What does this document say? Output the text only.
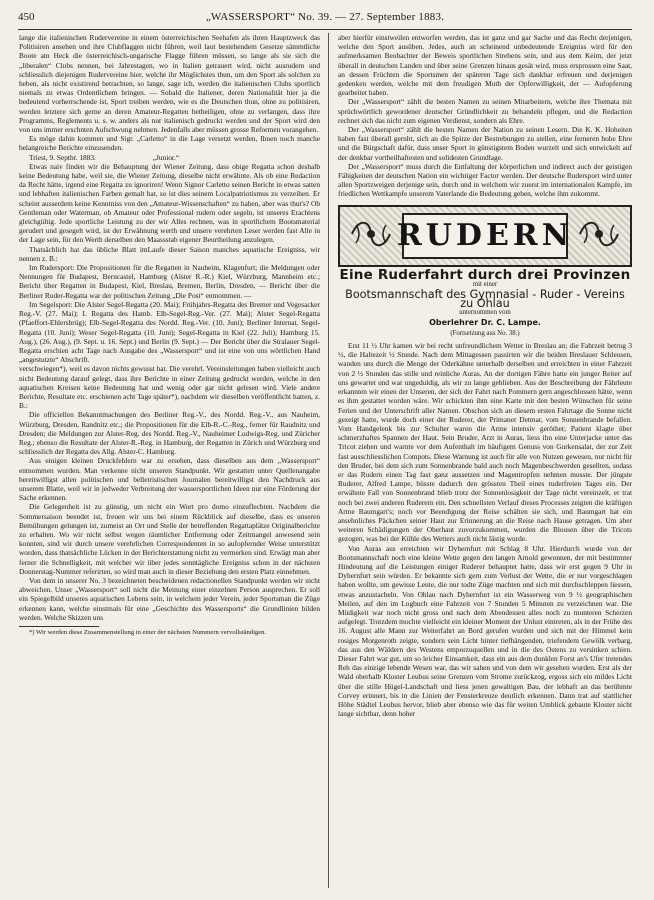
450	„WASSERSPORT“ No. 39. — 27. September 1883.

lange die italienischen Rudervereine in einem österreichischen Seehafen als ihren Hauptzweck das Politisiren ansehen und ihre Clubflaggen nicht führen, weil laut bestehendem Gesetze sämmtliche Boote am Heck die österreichisch-ungarische Flagge führen müssen, so lange als sie sich die „liberalen“ Clubs nennen, bei Jahrestagen, wo in Italien getrauert wird, nicht ausrudern und schliesslich diejenigen Rudervereine hier, welche ihr Möglichstes thun, um den Sport als solchen zu heben, als nicht existirend betrachten, so lange, sage ich, werden die italienischen Clubs sportlich niemals zu etwas Ordentlichem bringen. — Sobald die Italiener, deren Nationalität hier ja die bedeutend vorherrschende ist, Sport treiben werden, wie es die Deutschen thun, ohne zu politisiren, werden letztere sich gerne an deren Amateur-Regatten betheiligen, ohne zu verlangen, dass ihre Programms, Reglements u. s. w. anders als nur italienisch gedruckt werden und der Sport wird den von uns immer erschnten Aufschwung nehmen. Jedenfalls aber müssen grosse Reformen vorangehen.

Es möge dahin kommen und Sigr. „Carletto“ in die Lage versetzt werden, Ihnen noch manche belangreiche Berichte einzusenden.

Triest, 9. Septbr. 1883.                               „Junior.“

Etwas naiv finden wir die Behauptung der Wiener Zeitung, dass obige Regatta schon deshalb keine Bedeutung habe, weil sie, die Wiener Zeitung, dieselbe nicht erwähnte. Als ob eine Redaction da Recht hätte, irgend eine Regatta zu ignoriren! Wenn Signor Carletto seinen Bericht in etwas satten und lebhaften italienischen Farben gemalt hat, so ist dies seinem Localpatriotismus zu verzeihen. Er scheint ausserdem keine Kenntniss von den „Amateur-Wissenschaften“ zu haben, aber was thut's? Ob Gentleman oder Waterman, ob Amateur oder Professional rudern oder segeln, ist unseres Erachtens gleichgültig. Jede sportliche Leistung zu der wir Alles rechnen, was in sportlichem Bootsmaterial gerudert und gesegelt wird, ist der Erwähnung werth und unsere verehrten Leser werden fast Alle in der Lage sein, für den Werth derselben den Maassstab eigener Beurtheilung anzulegen.

Thatsächlich hat das übliche Blatt imLaufe dieser Saison manches aquatische Ereigniss, wir nennen z. B.:

Im Rudersport: Die Propositionen für die Regatten in Nauheim, Klagenfurt; die Meldungen oder Nennungen für Budapest, Berncastel, Hamburg (Alster R.-R.) Kiel, Würzburg, Mannheim etc.; Bericht über Regatten in Budapest, Kiel, Breslau, Bremen, Berlin, Dresden, — Bericht über die Berliner Ruder-Regatta war der politischen Zeitung „Die Post“ entnommen. —

Im Segelsport: Die Alster Segel-Regatta (20. Mai); Frühjahrs-Regatta des Bremer und Vegesacker Reg.-V. (27. Mai); I. Regatta des Hamb. Elb-Segel-Reg.-Ver. (27. Mai); Alster Segel-Regatta (Pfaeffort-Ehlersbrüg); Elb-Segel-Regatta des Nordd. Reg.-Ver. (10. Juni); Berliner Internat. Segel-Regatta (10. Juni); Weser Segel-Regatta (10. Juni); Segel-Regatta in Kiel (22. Juli); Hamburg 15. Aug.), (26. Aug.), (9. Sept. u. 16. Sept.) und Berlin (9. Sept.) — Der Bericht über die Stralauer Segel-Regatta erschien acht Tage nach Ausgabe des „Wassersport“ und ist eine von uns wörtlichen Hand „angestutzte“ Abschrift.

verschwiegen*), weil es davon nichts gewusst hat. Die verehrl. Vereinsleitungen haben vielleicht auch nicht Bedeutung darauf gelegt, dass ihre Berichte in einer Zeitung gedruckt werden, welche in den aquatischen Kreisen keine Bedeutung hat und wenig oder gar nicht gelesen wird. Viele andere Berichte, Resultate etc. erschienen acht Tage später*), nachdem wir dieselben veröffentlicht hatten, z. B.:

Die officiellen Bekanntmachungen des Berliner Reg.-V., des Nordd. Reg.-V., aus Nauheim, Würzburg, Dresden, Randnitz etc.; die Propositionen für die Elb-R.-C.-Reg., ferner für Raudnitz und Dresden; die Meldungen zur Alster-Reg. des Nordd. Reg.-V., Nauheimer Ludwigs-Reg. und Züricher Reg.; ebenso die Resultate der Alster-R.-Reg. in Hamburg, der Regatten in Zürich und Würzburg und schliesslich der Regatta des Allg. Alster-C. Hamburg.

Aus einigen kleinen Druckfehlern war zu ersehen, dass dieselben aus dem „Wassersport“ entnommen wurden. Man verkenne nicht unseren Standpunkt. Wir gestatten unter Quellenangabe bereitwilligst allen politischen und belletristischen Journalen bereitwilligst den Nachdruck aus unserem Blatte, weil wir in jedweder Verbreitung der wassersportlichen Ideen nur eine Förderung der Sache erkennen.

Die Gelegenheit ist zu günstig, um nicht ein Wort pro domo einzuflechten. Nachdem die Sommersaison beendet ist, freuen wir uns bei einem Rückblick auf dieselbe, dass es unseren Bemühungen gelungen ist, zumeist an Ort und Stelle der betreffenden Regattaplätze Originalberichte zu erhalten. Wo wir nicht selbst wegen räumlicher Entfernung oder Zeitmangel anwesend sein konnten, sind wir durch unsere verehrlichen Correspondenten in so aufopfernder Weise unterstützt worden, dass thatsächliche Lücken in der Berichterstattung nicht zu vermerken sind. Erwägt man aber ferner die Schnelligkeit, mit welcher wir über jedes sonntägliche Ereigniss schon in der nächsten Donnerstag-Nummer referirten, so wird man auch in dieser Beziehung den ersten Platz einnehmen.

Von dem in unserer No. 3 bezeichneten bescheidenen redactionellen Standpunkt werden wir nicht abweichen. Unser „Wassersport“ soll nicht die Meinung einer einzelnen Person ausprechen. Er soll ein Spiegelbild unseres aquatischen Lebens sein, in welchem jeder Verein, jeder Sportsman die Züge erkennen kann, welche einstmals für eine „Geschichte des Wassersports“ die Grundlinien bilden werden. Welche Skizzen uns

*) Wir werden diese Zusammenstellung in einer der nächsten Nummern vervollständigen.

aber hierfür einstweilen entworfen werden, das ist ganz und gar Sache und das Recht derjenigen, welche den Sport ausüben. Jedes, auch an scheinend unbedeutende Ereigniss wird für den aufmerksamen Beobachter der Beweis sportlichen Strebens sein, und aus dem Keim, der jetzt überall in deutschen Landen und über seine Grenzen hinaus gesät wird, muss ersprossen eine Saat, an dessen Früchten die Sportsmen der späteren Tage sich dankbar erfreuen und derjenigen gedenken werden, welche mit dem freudigen Muth der Opferwilligkeit, der — Aufopferung gearbeitet haben.

Der „Wassersport“ zählt die besten Namen zu seinen Mitarbeitern, welche ihre Themata mit sprüchwörtlich gewordener deutscher Gründlichkeit zu behandeln pflegen, und die Redaction rechnet sich das nicht zum eigenen Verdienst, sondern als Ehre.

Der „Wassersport“ zählt die besten Namen der Nation zu seinen Lesern. Die K. K. Hoheiten haben fast überall gernht, sich an die Spitze der Bestrebungen zu stellen, eine ferneren hohe Ehre und die Bürgschaft dafür, dass unser Sport in günstigstem Boden wurzelt und sich entwickelt auf der denkbar vortheilhaftesten und solidesten Grundlage.

Der „Wassersport“ muss durch die Entfaltung der körperlichen und indirect auch der geistigen Fähigkeiten der deutschen Nation ein wichtiger Factor werden. Der deutsche Rudersport wird unter allen Sportzweigen derjenige sein, durch und in welchem wir zuerst im internationalen Kampfe, im friedlichen Wettkampfe unserem Vaterlande die Bedeutung geben, welche ihm zukommt.

RUDERN
Eine Ruderfahrt durch drei Provinzen
mit einer
Bootsmannschaft des Gymnasial - Ruder - Vereins zu Ohlau
unternommen vom
Oberlehrer Dr. C. Lampe.
(Fortsetzung aus No. 38.)

Erst 11 ½ Uhr kamen wir bei recht unfreundlichem Wetter in Breslau an; die Fahrzeit betrug 3 ½, die Haltezeit ½ Stunde. Nach dem Mittagessen passirten wir die beiden Breslauer Schleusen, wanden uns durch die Menge der Oderkähne unterhalb derselben und erreichten in einer Fahrzeit von 2 ½ Stunden das stille und reinliche Auras. An der dortigen Fähre hatte ein junger Reiter auf uns gewartet und war ungeduldig, als wir zu lange geblieben. Aus der Beschreibung der Fährleute erkannten wir einen der Unseren, der sich der Fahrt nach Pommern gern angeschlossen hätte, wenn es ihm gestattet worden wäre. Wir schickten ihm eine Karte mit den besten Wünschen für seine Ferien und der Unterschrift aller Namen. Obschon sich an diesem ersten Fahrtage die Sonne nicht gezeigt hatte, wurde doch einer der Ruderer, der Primaner Detmar, vom Sonnenbrande befallen. Vom Handgelenk bis zur Schulter waren die Arme intensiv geröthet; Patient klagte über schmerzhaftes Spannen der Haut. Sein Bruder, Arzt in Auras, liess ihn eine Unterjacke unter das Tricot ziehen und warnte vor dem Aufenthalt im häufigem Genuss von Gurkensalat, der zur Zeit fast ausschliesslichen Compots. Diese Warnung ist auch für alle von Nutzen gewesen, nur nicht für den Bruder, bei dem sich zum Sonnenbrande bald auch noch Magenbeschwerden gesellten, sodass er das Rudern einen Tag fast ganz aussetzen und Magentropfen nehmen musste. Der jüngste Ruderer, Alfred Lampe, büsste dadurch den grössten Theil eines ruderfreien Tages ein. Der erwähnte Fall von Sonnenbrand blieb trotz der Sonnenlosigkeit der Tage nicht vereinzelt, er trat noch bei zwei anderen Ruderern ein. Den schnellsten Verlauf dieses Processes zeigten die kräftigen Arme Baumgart's; noch vor Beendigung der Reise schälten sie sich, und Baumgart hat ein ansehnliches Päckchen seiner Haut zur Erinnerung an die Reise nach Hause getragen. Um aber weiteren Schädigungen der Oberhaut zuvorzukommen, wurden die Blousen über die Tricots gezogen, was bei der Kühle des Wetters auch nicht lästig wurde.

Von Auras aus erreichten wir Dyhernfurt mit Schlag 8 Uhr. Hierdurch wurde von der Bootsmannschaft noch eine kleine Wette gegen den langen Arnold gewonnen, der mit bestimmter Hindeutung auf die Leistungen einiger Ruderer behauptet hatte, dass wir erst gegen 9 Uhr in Dyhernfurt sein würden. Er bekannte sich gern zum Verlust der Wette, die er nur vorgeschlagen haben wollte, um gewisse Leute, die nur todte Züge machten und sich mit durchschleppen liessen, etwas anzustacheln. Von Ohlau nach Dyhernfurt ist ein Wasserweg von 9 ½ geographischen Meilen, auf den im Logbuch eine Fahrzeit von 7 Stunden 5 Minuten zu verzeichnen war. Die Müdigkeit war noch nicht gross und nach dem Abendessen alles noch zu munteren Scherzen aufgelegt. Trotzdem mochte vielleicht ein kleiner Moment der Unlust eintreten, als in der Frühe des 16. August alle Mann zur Weiterfahrt an Bord gerufen wurden und sich mit der Himmel kein rosiges Morgenroth zeigte, sondern sein Licht hinter tiefhängenden, triefendem Gewölk verbarg, das aus den Wäldern des Westens emporzuquellen und in die des Ostens zu versinken schien. Dieser Fahrt war gut, um so leicher Einsamkeit, dass ein aus dem dunklen Forst an's Ufer tretendes Reh das einzige lebende Wesen war, das wir sahen und von dem wir gesehen wurden. Erst als der Wald oberhalb Kloster Leubus seine Grenzen vom Strome zurückzog, ergoss sich ein mildes Licht über die stille Hügel-Landschaft und liess jenen gewaltigen Bau, der lebhaft an das berühmte Corvey erinnert, bis in die Linien der Fensterkreuze deutlich erkennen. Dann trat auf stattlicher Höhe Städtel Leubus hervor, blieb aber ebenso wie das für weiten Umblick gebaute Kloster nicht lange sichtbar, denn hoher
